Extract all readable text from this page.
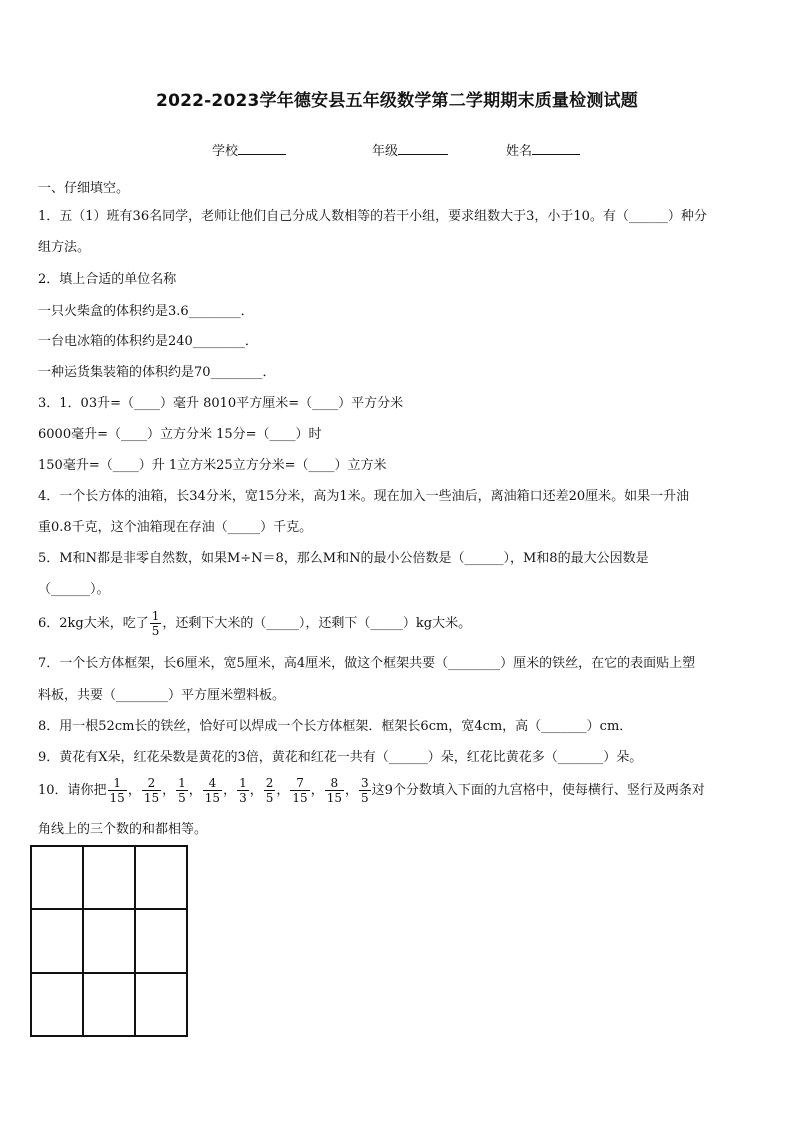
2022-2023学年德安县五年级数学第二学期期末质量检测试题
学校	年级	姓名
一、仔细填空。
1．五（1）班有36名同学，老师让他们自己分成人数相等的若干小组，要求组数大于3，小于10。有（______）种分
组方法。
2．填上合适的单位名称
一只火柴盒的体积约是3.6________．
一台电冰箱的体积约是240________．
一种运货集装箱的体积约是70________．
3．1．03升=（____）毫升 8010平方厘米=（____）平方分米
6000毫升=（____）立方分米 15分=（____）时
150毫升=（____）升 1立方米25立方分米=（____）立方米
4．一个长方体的油箱，长34分米，宽15分米，高为1米。现在加入一些油后，离油箱口还差20厘米。如果一升油
重0.8千克，这个油箱现在存油（_____）千克。
5．M和N都是非零自然数，如果M÷N＝8，那么M和N的最小公倍数是（______），M和8的最大公因数是
（______）。
6．2kg大米，吃了 $\frac{1}{5}$ ，还剩下大米的（_____），还剩下（_____）kg大米。
7．一个长方体框架，长6厘米，宽5厘米，高4厘米，做这个框架共要（________）厘米的铁丝，在它的表面贴上塑
料板，共要（________）平方厘米塑料板。
8．用一根52cm长的铁丝，恰好可以焊成一个长方体框架．框架长6cm，宽4cm，高（_______）cm．
9．黄花有X朵，红花朵数是黄花的3倍，黄花和红花一共有（______）朵，红花比黄花多（_______）朵。
10．请你把 $\frac{1}{15}$ ， $\frac{2}{15}$ ， $\frac{1}{5}$ ， $\frac{4}{15}$ ， $\frac{1}{3}$ ， $\frac{2}{5}$ ， $\frac{7}{15}$ ， $\frac{8}{15}$ ， $\frac{3}{5}$ 这9个分数填入下面的九宫格中，使每横行、竖行及两条对
角线上的三个数的和都相等。
